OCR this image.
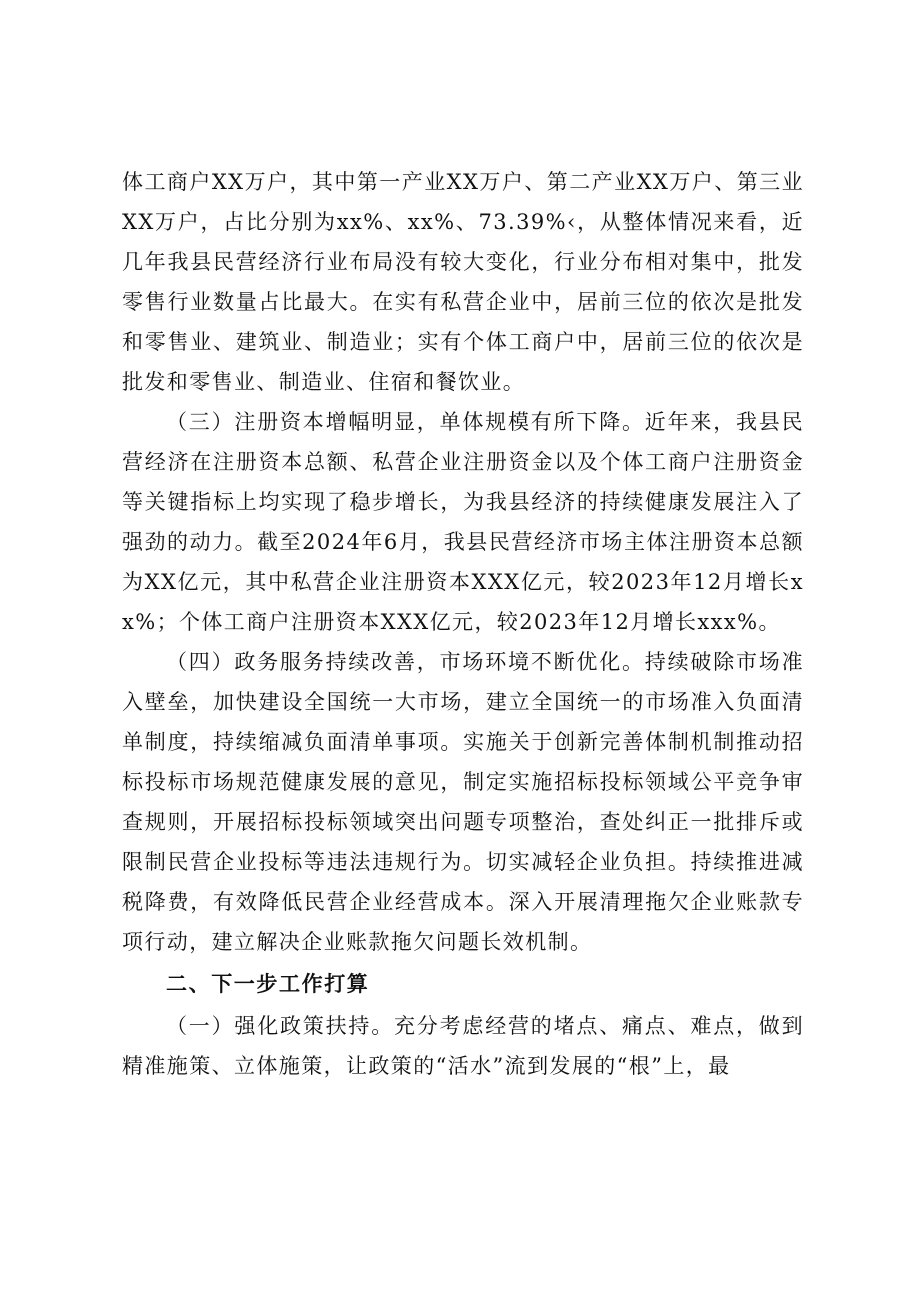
体工商户XX万户，其中第一产业XX万户、第二产业XX万户、第三业XX万户，占比分别为xx%、xx%、73.39%‹，从整体情况来看，近几年我县民营经济行业布局没有较大变化，行业分布相对集中，批发零售行业数量占比最大。在实有私营企业中，居前三位的依次是批发和零售业、建筑业、制造业；实有个体工商户中，居前三位的依次是批发和零售业、制造业、住宿和餐饮业。

（三）注册资本增幅明显，单体规模有所下降。近年来，我县民营经济在注册资本总额、私营企业注册资金以及个体工商户注册资金等关键指标上均实现了稳步增长，为我县经济的持续健康发展注入了强劲的动力。截至2024年6月，我县民营经济市场主体注册资本总额为XX亿元，其中私营企业注册资本XXX亿元，较2023年12月增长xx%；个体工商户注册资本XXX亿元，较2023年12月增长xxx%。

（四）政务服务持续改善，市场环境不断优化。持续破除市场准入壁垒，加快建设全国统一大市场，建立全国统一的市场准入负面清单制度，持续缩减负面清单事项。实施关于创新完善体制机制推动招标投标市场规范健康发展的意见，制定实施招标投标领域公平竞争审查规则，开展招标投标领域突出问题专项整治，查处纠正一批排斥或限制民营企业投标等违法违规行为。切实减轻企业负担。持续推进减税降费，有效降低民营企业经营成本。深入开展清理拖欠企业账款专项行动，建立解决企业账款拖欠问题长效机制。

二、下一步工作打算

（一）强化政策扶持。充分考虑经营的堵点、痛点、难点，做到精准施策、立体施策，让政策的“活水”流到发展的“根”上，最
